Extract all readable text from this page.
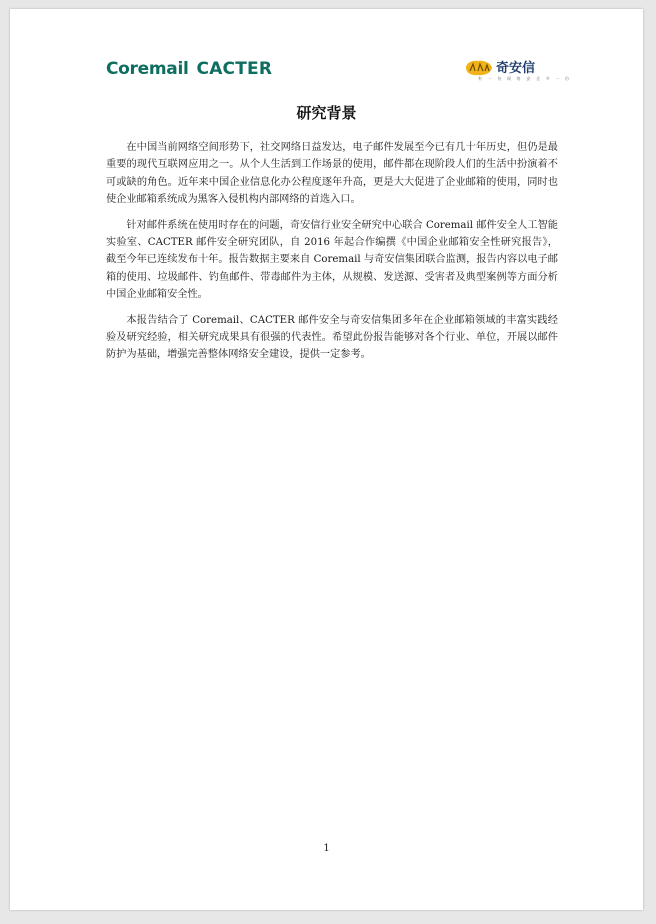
Coremail CACTER	奇安信
有 一 份 网 络 安 全 多 一 份
研究背景

在中国当前网络空间形势下，社交网络日益发达，电子邮件发展至今已有几十年历史，但仍是最重要的现代互联网应用之一。从个人生活到工作场景的使用，邮件都在现阶段人们的生活中扮演着不可或缺的角色。近年来中国企业信息化办公程度逐年升高，更是大大促进了企业邮箱的使用，同时也使企业邮箱系统成为黑客入侵机构内部网络的首选入口。

针对邮件系统在使用时存在的问题，奇安信行业安全研究中心联合 Coremail 邮件安全人工智能实验室、CACTER 邮件安全研究团队，自 2016 年起合作编撰《中国企业邮箱安全性研究报告》，截至今年已连续发布十年。报告数据主要来自 Coremail 与奇安信集团联合监测，报告内容以电子邮箱的使用、垃圾邮件、钓鱼邮件、带毒邮件为主体，从规模、发送源、受害者及典型案例等方面分析中国企业邮箱安全性。

本报告结合了 Coremail、CACTER 邮件安全与奇安信集团多年在企业邮箱领域的丰富实践经验及研究经验，相关研究成果具有很强的代表性。希望此份报告能够对各个行业、单位，开展以邮件防护为基础，增强完善整体网络安全建设，提供一定参考。

1
